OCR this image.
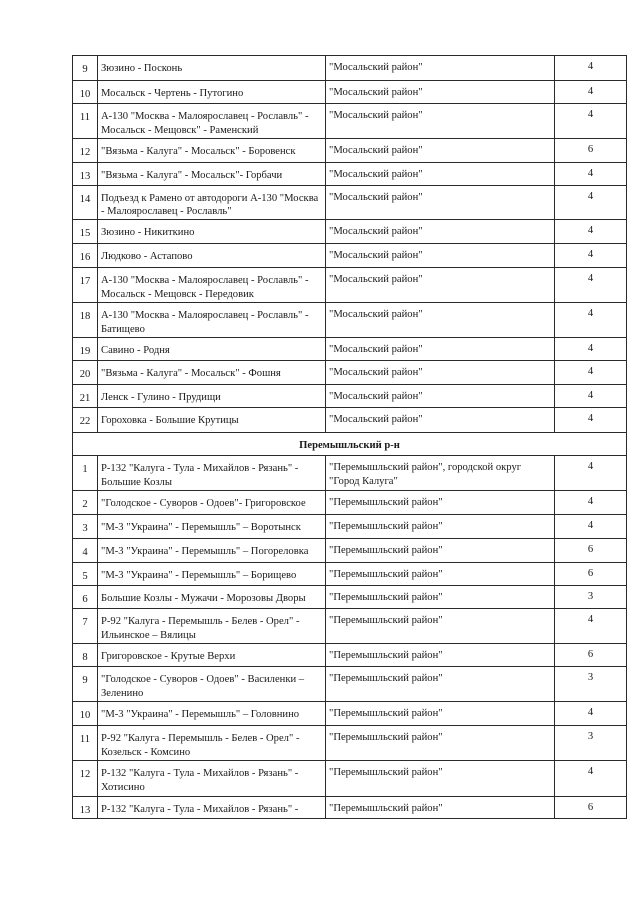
9	Зюзино - Посконь	"Мосальский район"	4

10	Мосальск - Чертень - Путогино	"Мосальский район"	4

11	А-130 "Москва - Малоярославец - Рославль" - Мосальск - Мещовск" - Раменский	"Мосальский район"	4

12	"Вязьма - Калуга" - Мосальск" - Боровенск	"Мосальский район"	6

13	"Вязьма - Калуга" - Мосальск"- Горбачи	"Мосальский район"	4

14	Подъезд к Рамено от автодороги А-130 "Москва - Малоярославец - Рославль"	"Мосальский район"	4

15	Зюзино - Никиткино	"Мосальский район"	4

16	Людково - Астапово	"Мосальский район"	4

17	А-130 "Москва - Малоярославец - Рославль" - Мосальск - Мещовск - Передовик	"Мосальский район"	4

18	А-130 "Москва - Малоярославец - Рославль" - Батищево	"Мосальский район"	4

19	Савино - Родня	"Мосальский район"	4

20	"Вязьма - Калуга" - Мосальск" - Фошня	"Мосальский район"	4

21	Ленск - Гулино - Прудищи	"Мосальский район"	4

22	Гороховка - Большие Крутицы	"Мосальский район"	4

Перемышльский р-н			

1	Р-132 "Калуга - Тула - Михайлов - Рязань" - Большие Козлы	"Перемышльский район", городской округ "Город Калуга"	4

2	"Голодское - Суворов - Одоев"- Григоровское	"Перемышльский район"	4

3	"М-3 "Украина" - Перемышль" – Воротынск	"Перемышльский район"	4

4	"М-3 "Украина" - Перемышль" – Погореловка	"Перемышльский район"	6

5	"М-3 "Украина" - Перемышль" – Борищево	"Перемышльский район"	6

6	Большие Козлы - Мужачи - Морозовы Дворы	"Перемышльский район"	3

7	Р-92 "Калуга - Перемышль - Белев - Орел" - Ильинское – Вялицы	"Перемышльский район"	4

8	Григоровское - Крутые Верхи	"Перемышльский район"	6

9	"Голодское - Суворов - Одоев" - Василенки – Зеленино	"Перемышльский район"	3

10	"М-3 "Украина" - Перемышль" – Головнино	"Перемышльский район"	4

11	Р-92 "Калуга - Перемышль - Белев - Орел" - Козельск - Комсино	"Перемышльский район"	3

12	Р-132 "Калуга - Тула - Михайлов - Рязань" - Хотисино	"Перемышльский район"	4

13	Р-132 "Калуга - Тула - Михайлов - Рязань" -	"Перемышльский район"	6
